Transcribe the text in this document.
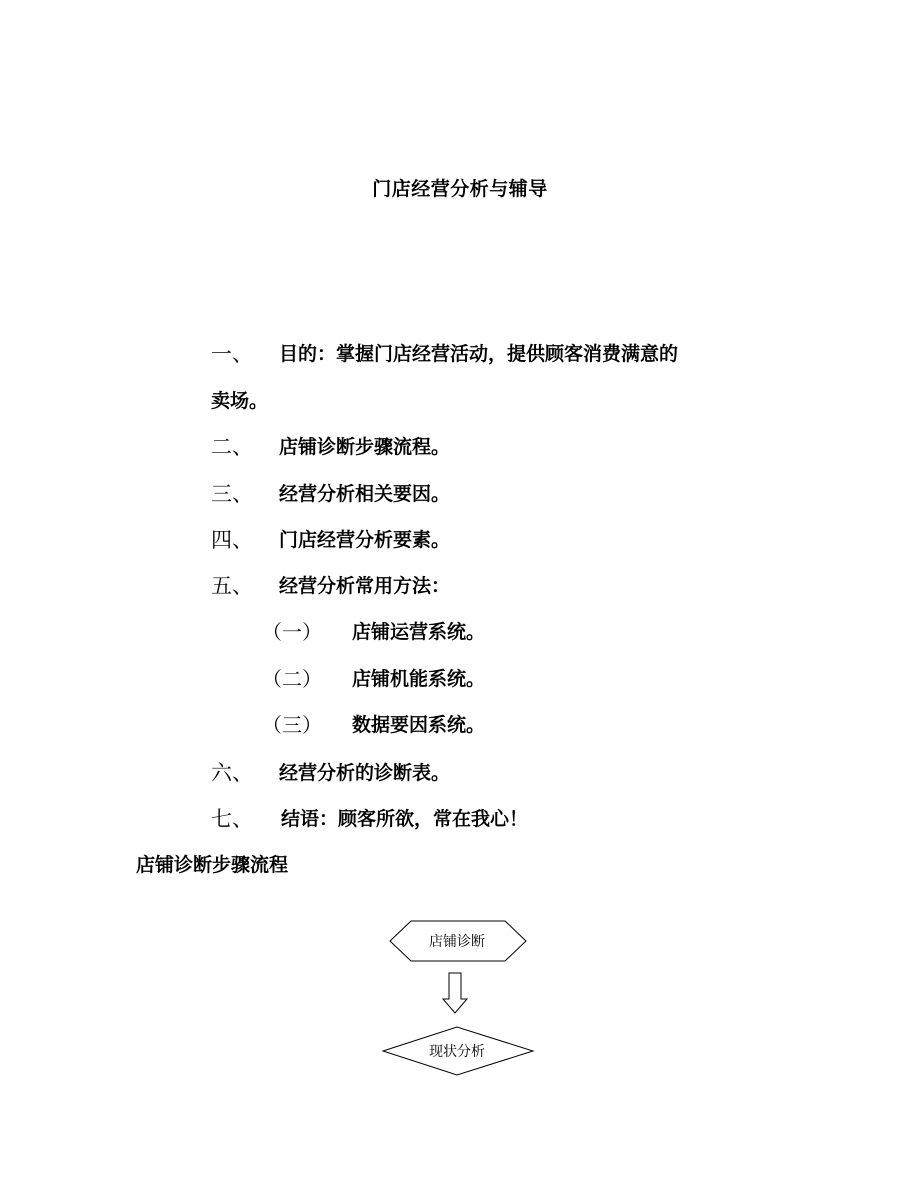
门店经营分析与辅导
一、 目的：掌握门店经营活动，提供顾客消费满意的
卖场。
二、 店铺诊断步骤流程。
三、 经营分析相关要因。
四、 门店经营分析要素。
五、 经营分析常用方法：
（一） 店铺运营系统。
（二） 店铺机能系统。
（三） 数据要因系统。
六、 经营分析的诊断表。
七、 结语：顾客所欲，常在我心！
店铺诊断步骤流程
店铺诊断
现状分析
